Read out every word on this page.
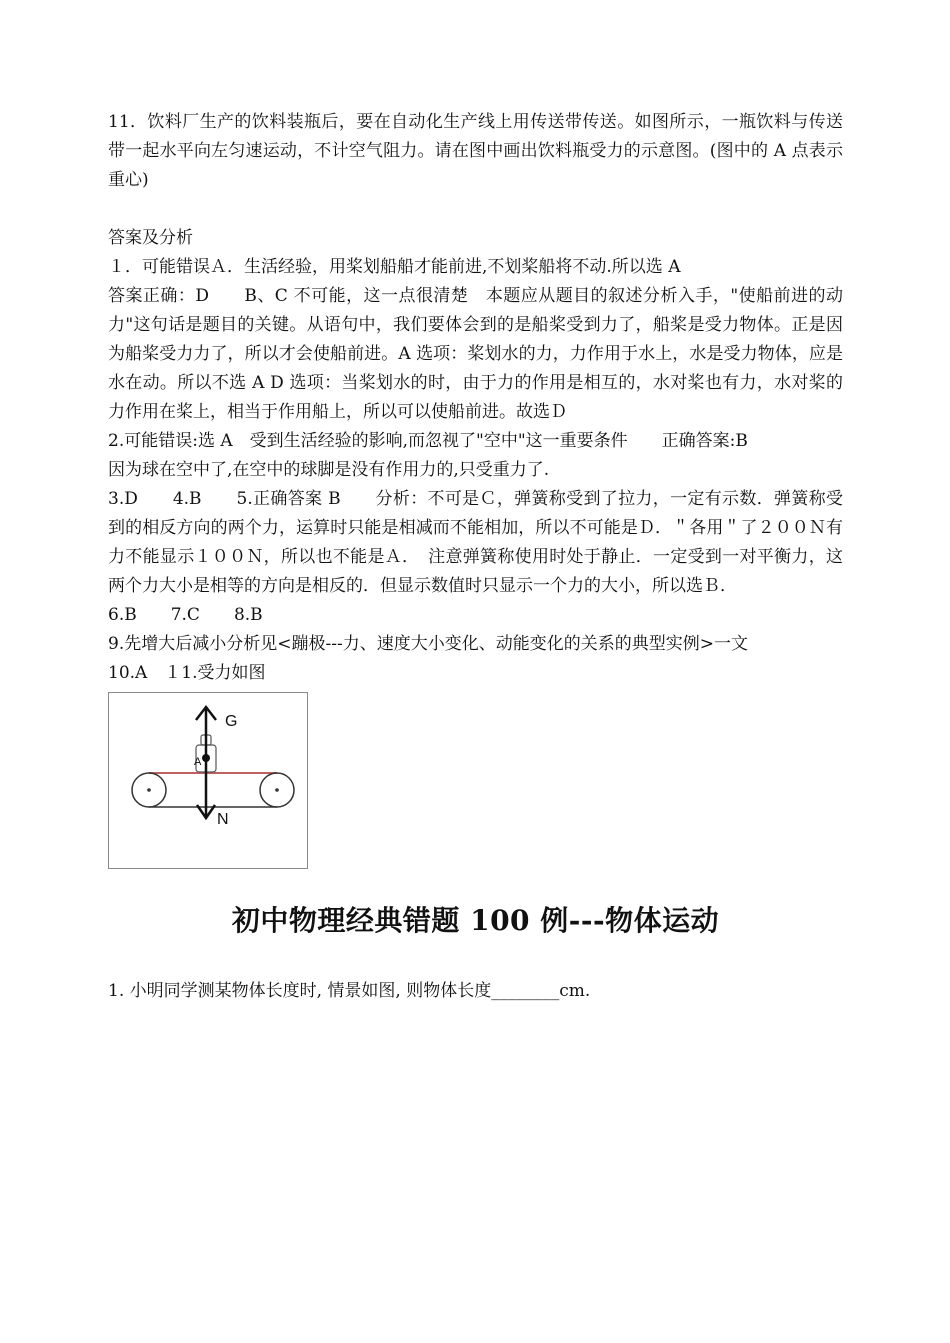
11．饮料厂生产的饮料装瓶后，要在自动化生产线上用传送带传送。如图所示，一瓶饮料与传送带一起水平向左匀速运动，不计空气阻力。请在图中画出饮料瓶受力的示意图。(图中的 A 点表示重心)

答案及分析

１．可能错误Ａ．生活经验，用桨划船船才能前进,不划桨船将不动.所以选 A

答案正确：D　　B、C 不可能，这一点很清楚　本题应从题目的叙述分析入手，"使船前进的动力"这句话是题目的关键。从语句中，我们要体会到的是船桨受到力了，船桨是受力物体。正是因为船桨受力力了，所以才会使船前进。A 选项：桨划水的力，力作用于水上，水是受力物体，应是水在动。所以不选 A D 选项：当桨划水的时，由于力的作用是相互的，水对桨也有力，水对桨的力作用在桨上，相当于作用船上，所以可以使船前进。故选Ｄ

2.可能错误:选 A　受到生活经验的影响,而忽视了"空中"这一重要条件　　正确答案:B

因为球在空中了,在空中的球脚是没有作用力的,只受重力了.

3.D　　4.B　　5.正确答案 B　　分析：不可是Ｃ，弹簧称受到了拉力，一定有示数．弹簧称受到的相反方向的两个力，运算时只能是相减而不能相加，所以不可能是Ｄ．＂各用＂了２００Ｎ有力不能显示１００Ｎ，所以也不能是Ａ．　注意弹簧称使用时处于静止．一定受到一对平衡力，这两个力大小是相等的方向是相反的．但显示数值时只显示一个力的大小，所以选Ｂ．

6.B　　7.C　　8.B

9.先增大后减小分析见<蹦极---力、速度大小变化、动能变化的关系的典型实例>一文

10.A　１1.受力如图

G
N
A
初中物理经典错题 100 例---物体运动

1. 小明同学测某物体长度时, 情景如图, 则物体长度________cm.
